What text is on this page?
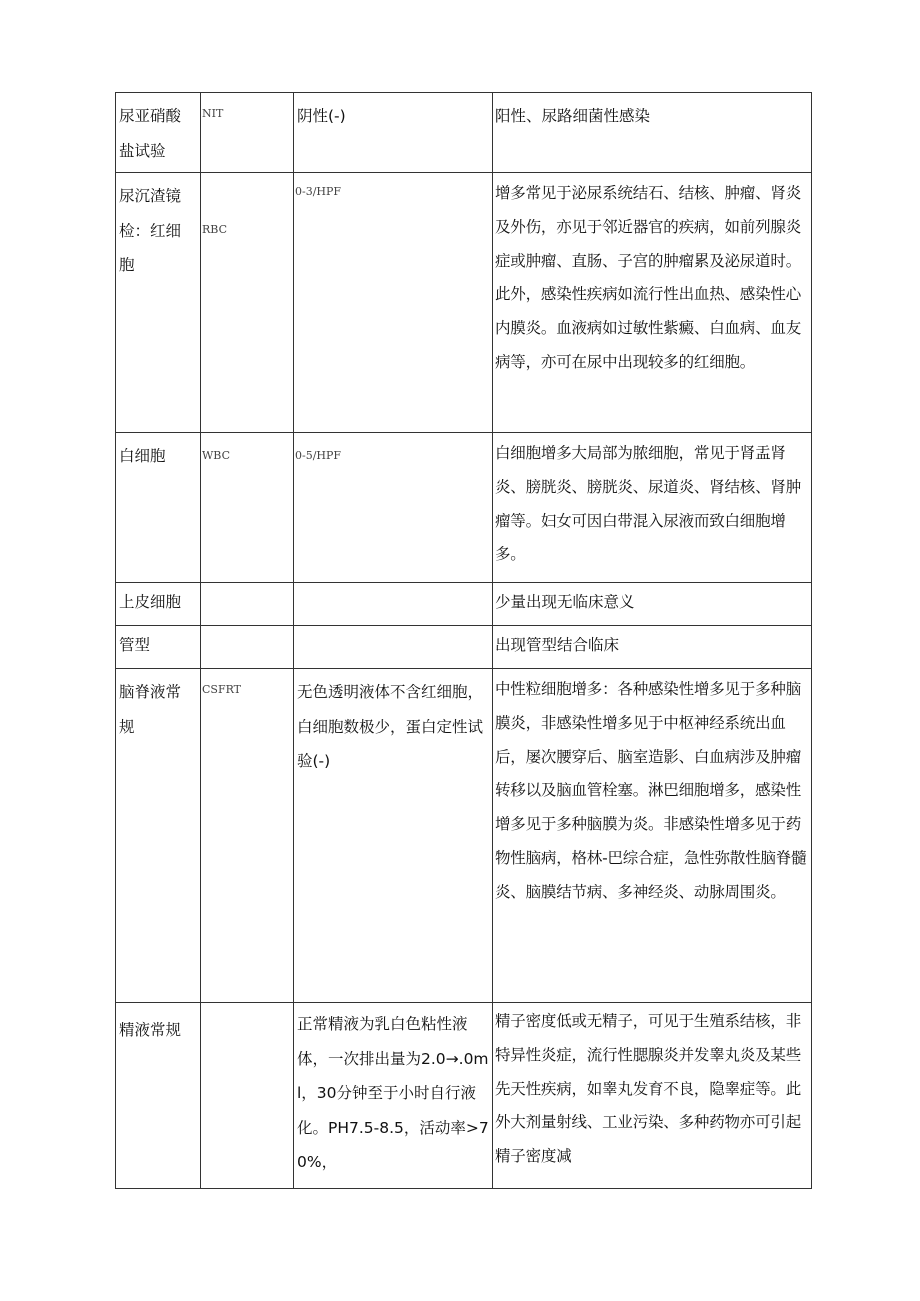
尿亚硝酸盐试验	NIT	阴性(-)	阳性、尿路细菌性感染

尿沉渣镜检：红细胞	RBC	0-3/HPF	增多常见于泌尿系统结石、结核、肿瘤、肾炎及外伤，亦见于邻近器官的疾病，如前列腺炎症或肿瘤、直肠、子宫的肿瘤累及泌尿道时。此外，感染性疾病如流行性出血热、感染性心内膜炎。血液病如过敏性紫癜、白血病、血友病等，亦可在尿中出现较多的红细胞。

白细胞	WBC	0-5/HPF	白细胞增多大局部为脓细胞，常见于肾盂肾炎、膀胱炎、膀胱炎、尿道炎、肾结核、肾肿瘤等。妇女可因白带混入尿液而致白细胞增多。

上皮细胞			少量出现无临床意义

管型			出现管型结合临床

脑脊液常规	CSFRT	无色透明液体不含红细胞，白细胞数极少，蛋白定性试验(-)	中性粒细胞增多：各种感染性增多见于多种脑膜炎，非感染性增多见于中枢神经系统出血后，屡次腰穿后、脑室造影、白血病涉及肿瘤转移以及脑血管栓塞。淋巴细胞增多，感染性增多见于多种脑膜为炎。非感染性增多见于药物性脑病，格林-巴综合症，急性弥散性脑脊髓炎、脑膜结节病、多神经炎、动脉周围炎。

精液常规		正常精液为乳白色粘性液体，一次排出量为2.0→.0ml，30分钟至于小时自行液化。PH7.5-8.5，活动率>70%，	精子密度低或无精子，可见于生殖系结核，非特异性炎症，流行性腮腺炎并发睾丸炎及某些先天性疾病，如睾丸发育不良，隐睾症等。此外大剂量射线、工业污染、多种药物亦可引起精子密度减
